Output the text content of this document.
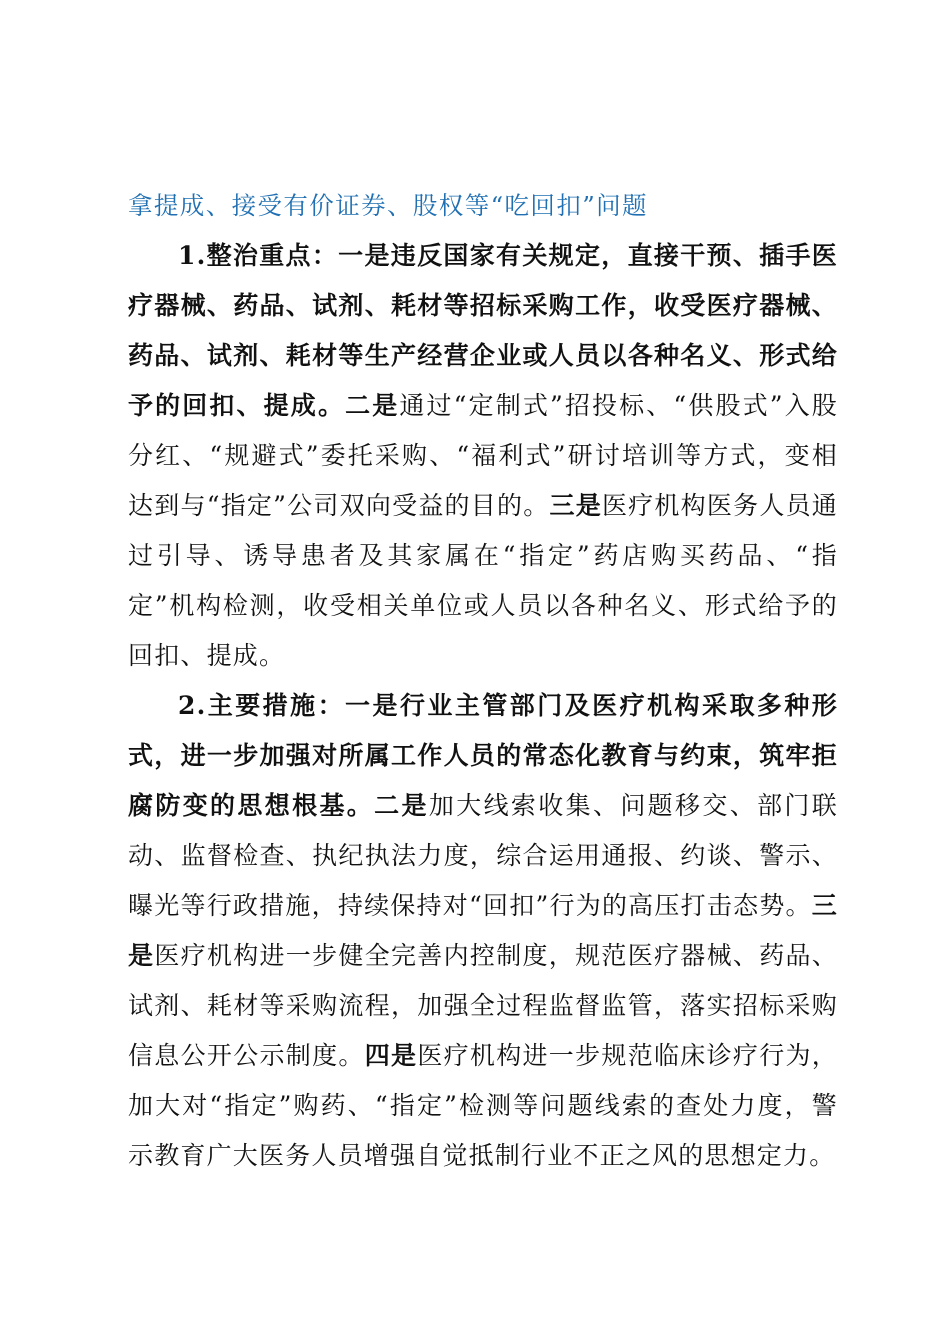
拿提成、接受有价证券、股权等“吃回扣”问题

1.整治重点：一是违反国家有关规定，直接干预、插手医疗器械、药品、试剂、耗材等招标采购工作，收受医疗器械、药品、试剂、耗材等生产经营企业或人员以各种名义、形式给予的回扣、提成。二是通过“定制式”招投标、“供股式”入股分红、“规避式”委托采购、“福利式”研讨培训等方式，变相达到与“指定”公司双向受益的目的。三是医疗机构医务人员通过引导、诱导患者及其家属在“指定”药店购买药品、“指定”机构检测，收受相关单位或人员以各种名义、形式给予的回扣、提成。

2.主要措施：一是行业主管部门及医疗机构采取多种形式，进一步加强对所属工作人员的常态化教育与约束，筑牢拒腐防变的思想根基。二是加大线索收集、问题移交、部门联动、监督检查、执纪执法力度，综合运用通报、约谈、警示、曝光等行政措施，持续保持对“回扣”行为的高压打击态势。三是医疗机构进一步健全完善内控制度，规范医疗器械、药品、试剂、耗材等采购流程，加强全过程监督监管，落实招标采购信息公开公示制度。四是医疗机构进一步规范临床诊疗行为，加大对“指定”购药、“指定”检测等问题线索的查处力度，警示教育广大医务人员增强自觉抵制行业不正之风的思想定力。
